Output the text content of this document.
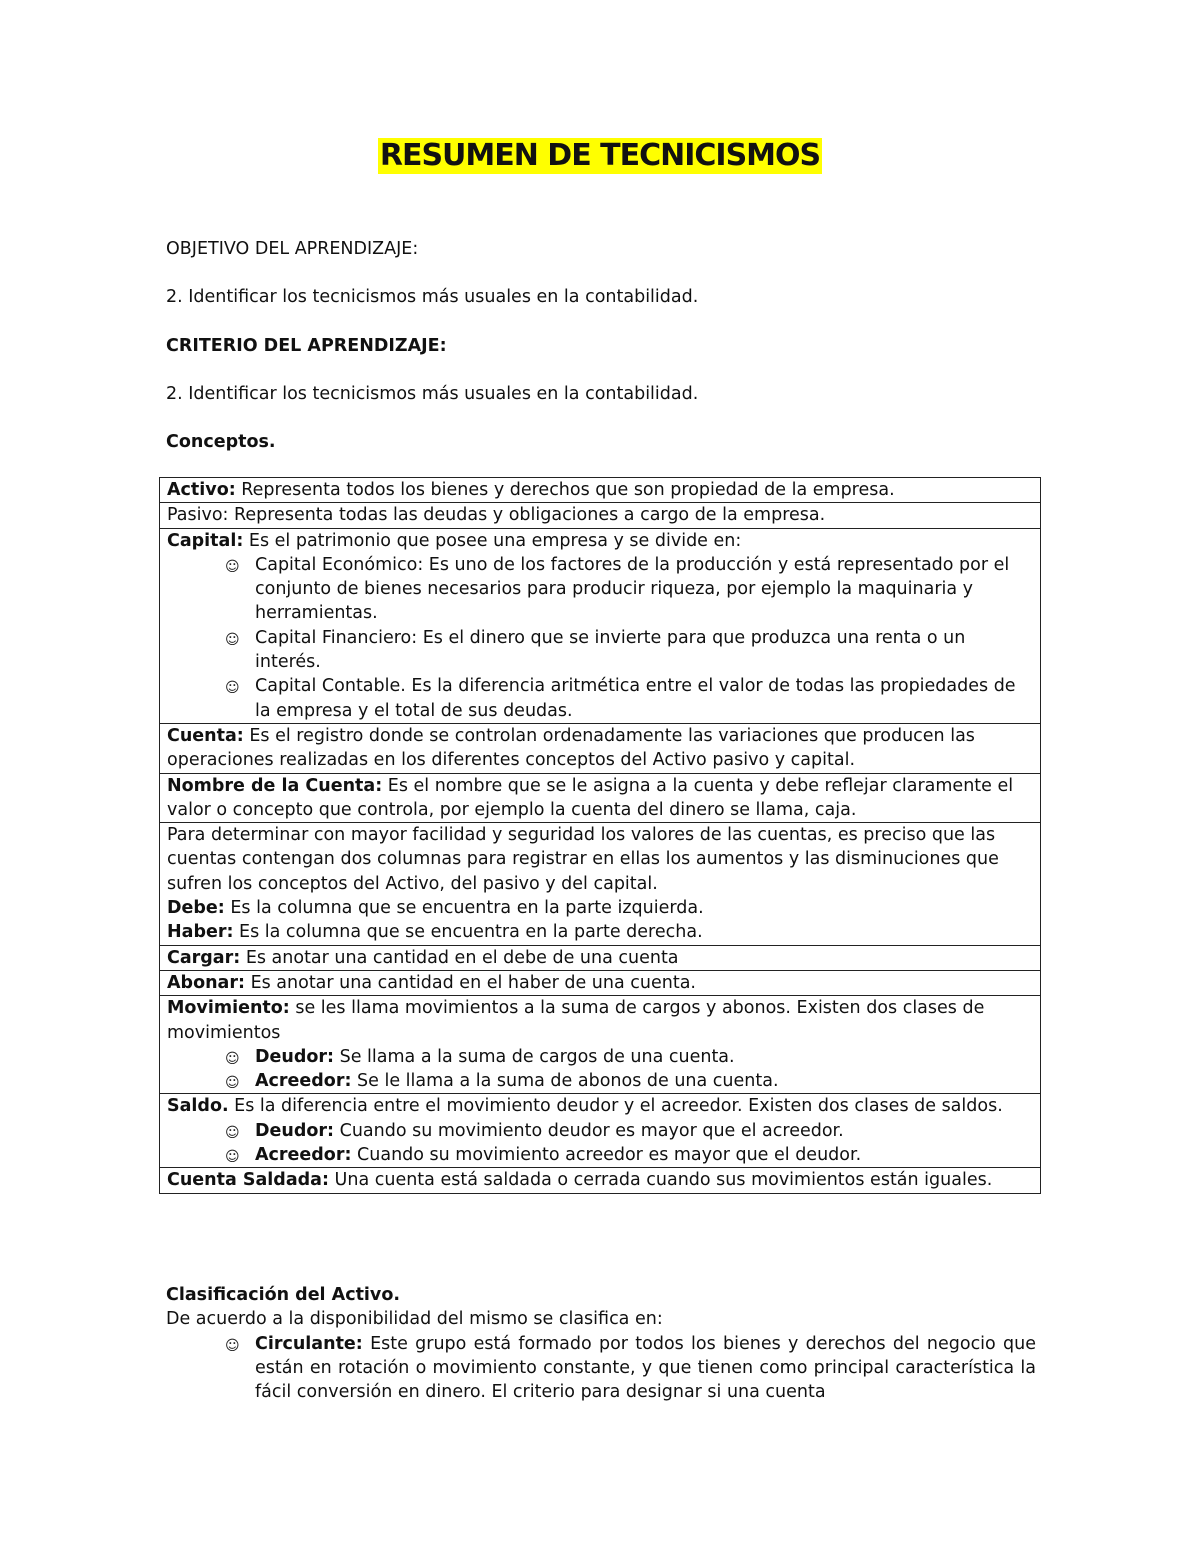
RESUMEN DE TECNICISMOS
OBJETIVO DEL APRENDIZAJE:
2. Identificar los tecnicismos más usuales en la contabilidad.
CRITERIO DEL APRENDIZAJE:
2. Identificar los tecnicismos más usuales en la contabilidad.
Conceptos.
Activo: Representa todos los bienes y derechos que son propiedad de la empresa.
Pasivo: Representa todas las deudas y obligaciones a cargo de la empresa.
Capital: Es el patrimonio que posee una empresa y se divide en:
☺ Capital Económico: Es uno de los factores de la producción y está representado por el conjunto de bienes necesarios para producir riqueza, por ejemplo la maquinaria y herramientas.
☺ Capital Financiero: Es el dinero que se invierte para que produzca una renta o un interés.
☺ Capital Contable. Es la diferencia aritmética entre el valor de todas las propiedades de la empresa y el total de sus deudas.

Cuenta: Es el registro donde se controlan ordenadamente las variaciones que producen las operaciones realizadas en los diferentes conceptos del Activo pasivo y capital.
Nombre de la Cuenta: Es el nombre que se le asigna a la cuenta y debe reflejar claramente el valor o concepto que controla, por ejemplo la cuenta del dinero se llama, caja.

Para determinar con mayor facilidad y seguridad los valores de las cuentas, es preciso que las cuentas contengan dos columnas para registrar en ellas los aumentos y las disminuciones que sufren los conceptos del Activo, del pasivo y del capital.
Debe: Es la columna que se encuentra en la parte izquierda.
Haber: Es la columna que se encuentra en la parte derecha.

Cargar: Es anotar una cantidad en el debe de una cuenta
Abonar: Es anotar una cantidad en el haber de una cuenta.
Movimiento: se les llama movimientos a la suma de cargos y abonos. Existen dos clases de movimientos
☺ Deudor: Se llama a la suma de cargos de una cuenta.
☺ Acreedor: Se le llama a la suma de abonos de una cuenta.

Saldo. Es la diferencia entre el movimiento deudor y el acreedor. Existen dos clases de saldos.
☺ Deudor: Cuando su movimiento deudor es mayor que el acreedor.
☺ Acreedor: Cuando su movimiento acreedor es mayor que el deudor.

Cuenta Saldada: Una cuenta está saldada o cerrada cuando sus movimientos están iguales.
Clasificación del Activo.
De acuerdo a la disponibilidad del mismo se clasifica en:
☺ Circulante: Este grupo está formado por todos los bienes y derechos del negocio que están en rotación o movimiento constante, y que tienen como principal característica la fácil conversión en dinero. El criterio para designar si una cuenta
